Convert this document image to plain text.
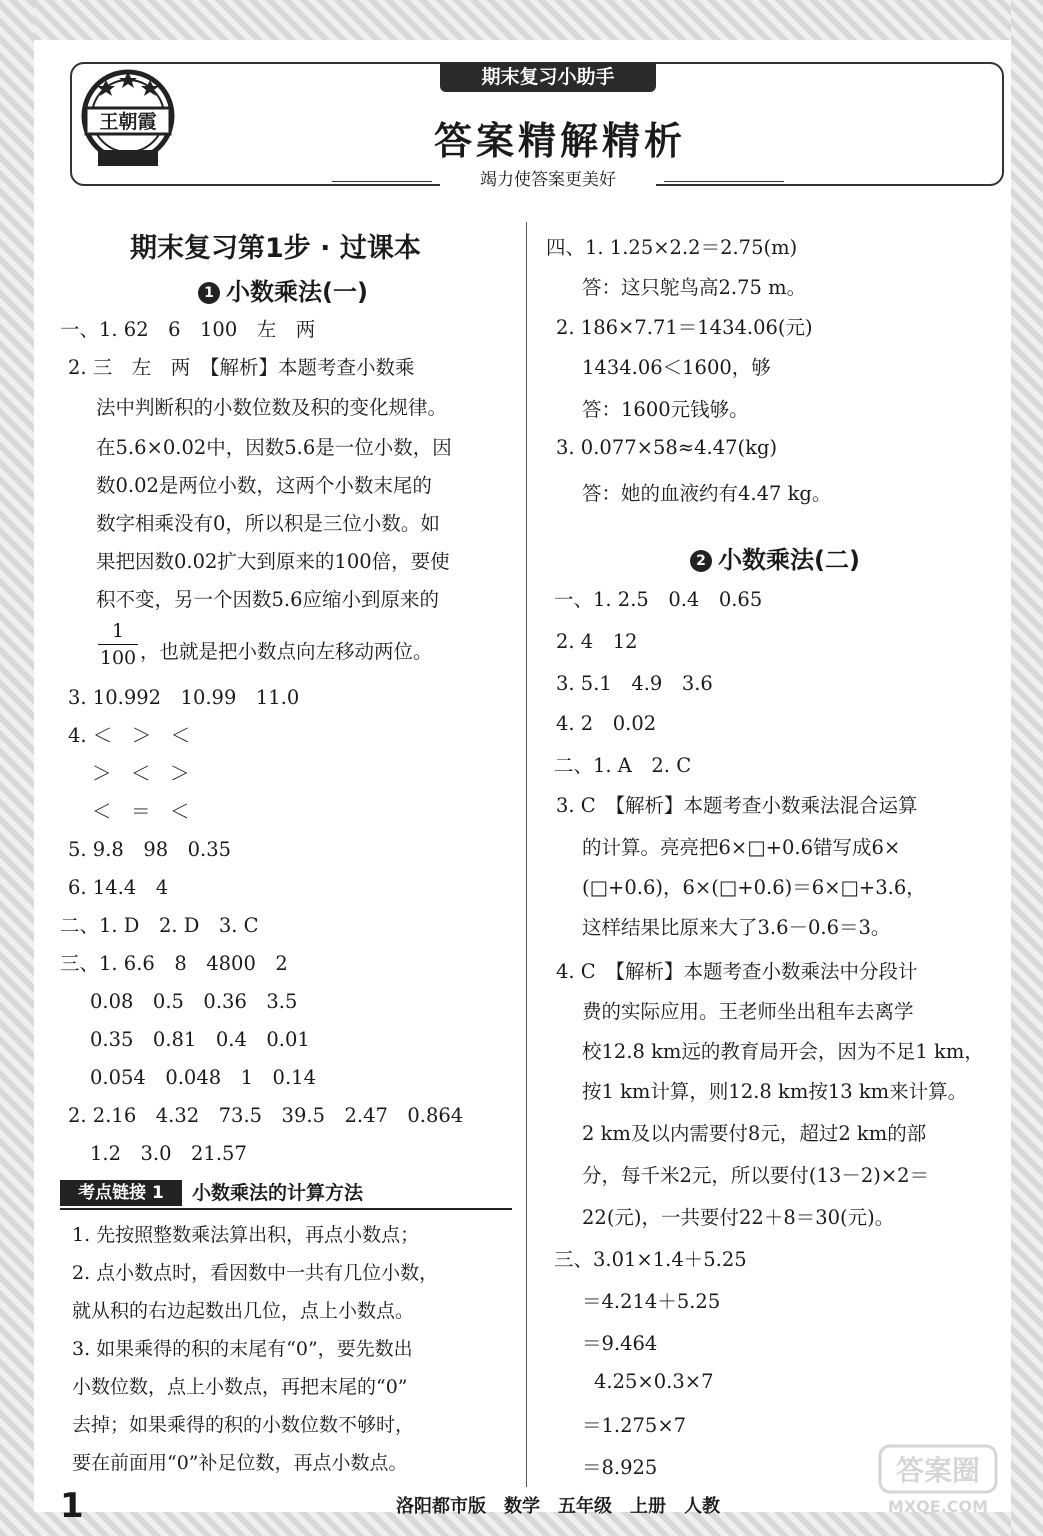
王朝霞
期末复习小助手
答案精解精析
竭力使答案更美好
期末复习第1步 · 过课本
1 小数乘法(一)
一、1. 62　6　100　左　两
2. 三　左　两　【解析】本题考查小数乘
法中判断积的小数位数及积的变化规律。
在5.6×0.02中，因数5.6是一位小数，因
数0.02是两位小数，这两个小数末尾的
数字相乘没有0，所以积是三位小数。如
果把因数0.02扩大到原来的100倍，要使
积不变，另一个因数5.6应缩小到原来的
1
100 ，也就是把小数点向左移动两位。
3. 10.992　10.99　11.0
4. ＜　＞　＜
＞　＜　＞
＜　＝　＜
5. 9.8　98　0.35
6. 14.4　4
二、1. D　2. D　3. C
三、1. 6.6　8　4800　2
0.08　0.5　0.36　3.5
0.35　0.81　0.4　0.01
0.054　0.048　1　0.14
2. 2.16　4.32　73.5　39.5　2.47　0.864
1.2　3.0　21.57
考点链接 1	小数乘法的计算方法
1. 先按照整数乘法算出积，再点小数点；
2. 点小数点时，看因数中一共有几位小数，
就从积的右边起数出几位，点上小数点。
3. 如果乘得的积的末尾有“0”，要先数出
小数位数，点上小数点，再把末尾的“0”
去掉；如果乘得的积的小数位数不够时，
要在前面用“0”补足位数，再点小数点。
四、1. 1.25×2.2＝2.75(m)
答：这只鸵鸟高2.75 m。
2. 186×7.71＝1434.06(元)
1434.06＜1600，够
答：1600元钱够。
3. 0.077×58≈4.47(kg)
答：她的血液约有4.47 kg。
2 小数乘法(二)
一、1. 2.5　0.4　0.65
2. 4　12
3. 5.1　4.9　3.6
4. 2　0.02
二、1. A　2. C
3. C　【解析】本题考查小数乘法混合运算
的计算。亮亮把6×□+0.6错写成6×
(□+0.6)，6×(□+0.6)＝6×□+3.6，
这样结果比原来大了3.6－0.6＝3。
4. C　【解析】本题考查小数乘法中分段计
费的实际应用。王老师坐出租车去离学
校12.8 km远的教育局开会，因为不足1 km，
按1 km计算，则12.8 km按13 km来计算。
2 km及以内需要付8元，超过2 km的部
分，每千米2元，所以要付(13－2)×2＝
22(元)，一共要付22＋8＝30(元)。
三、3.01×1.4＋5.25
＝4.214＋5.25
＝9.464
4.25×0.3×7
＝1.275×7
＝8.925
1	洛阳都市版　数学　五年级　上册　人教
答案圈
MXQE.COM
